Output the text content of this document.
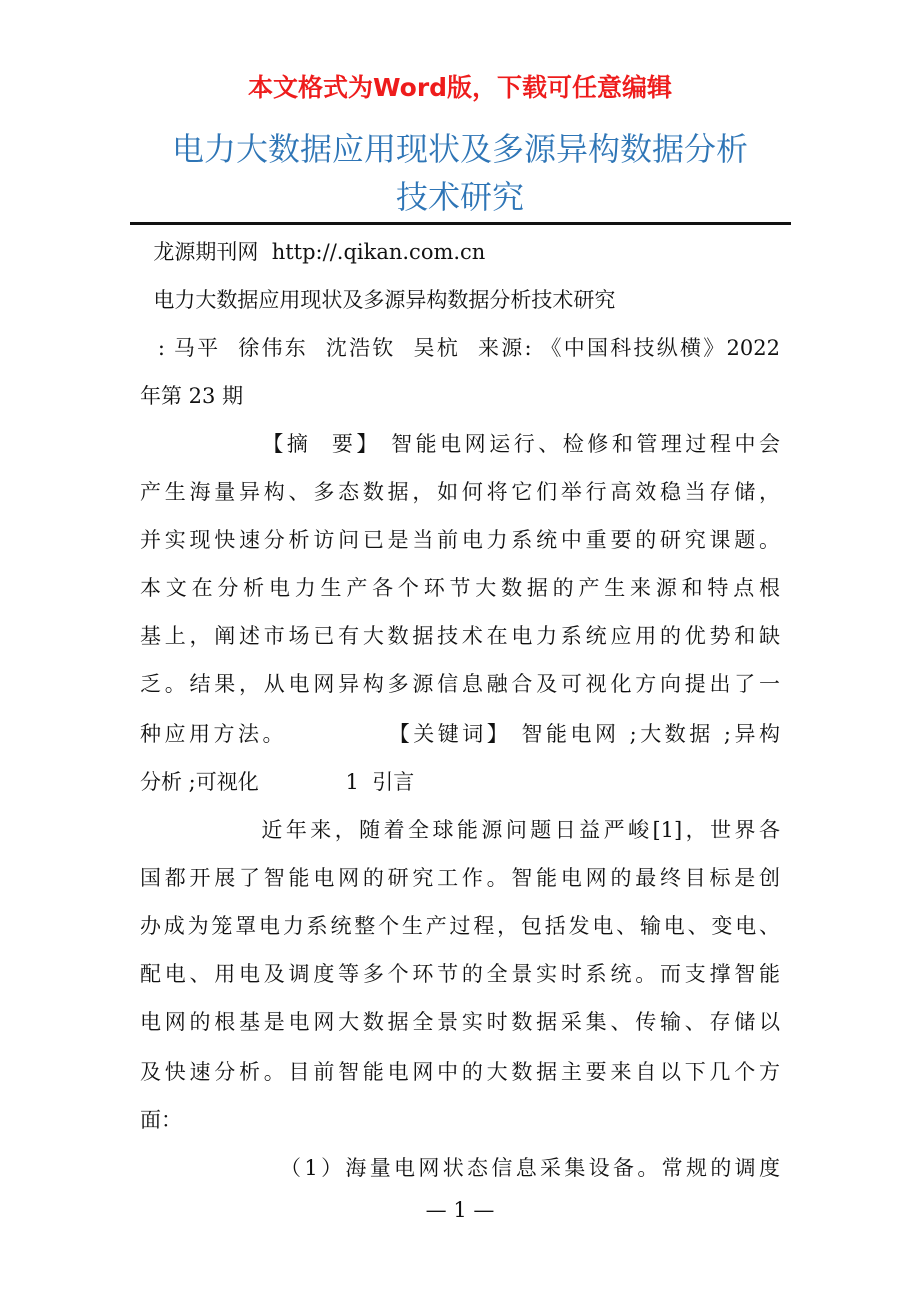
本文格式为Word版，下载可任意编辑
电力大数据应用现状及多源异构数据分析
技术研究
龙源期刊网  http://.qikan.com.cn
电力大数据应用现状及多源异构数据分析技术研究
: 马平  徐伟东  沈浩钦  吴杭  来源: 《中国科技纵横》2022
年第 23 期
【摘  要】 智能电网运行、检修和管理过程中会
产生海量异构、多态数据，如何将它们举行高效稳当存储，
并实现快速分析访问已是当前电力系统中重要的研究课题。
本文在分析电力生产各个环节大数据的产生来源和特点根
基上，阐述市场已有大数据技术在电力系统应用的优势和缺
乏。结果，从电网异构多源信息融合及可视化方向提出了一
种应用方法。          【关键词】 智能电网 ;大数据 ;异构
分析 ;可视化             1  引言
近年来，随着全球能源问题日益严峻[1]，世界各
国都开展了智能电网的研究工作。智能电网的最终目标是创
办成为笼罩电力系统整个生产过程，包括发电、输电、变电、
配电、用电及调度等多个环节的全景实时系统。而支撑智能
电网的根基是电网大数据全景实时数据采集、传输、存储以
及快速分析。目前智能电网中的大数据主要来自以下几个方
面：
（1）海量电网状态信息采集设备。常规的调度
— 1 —
